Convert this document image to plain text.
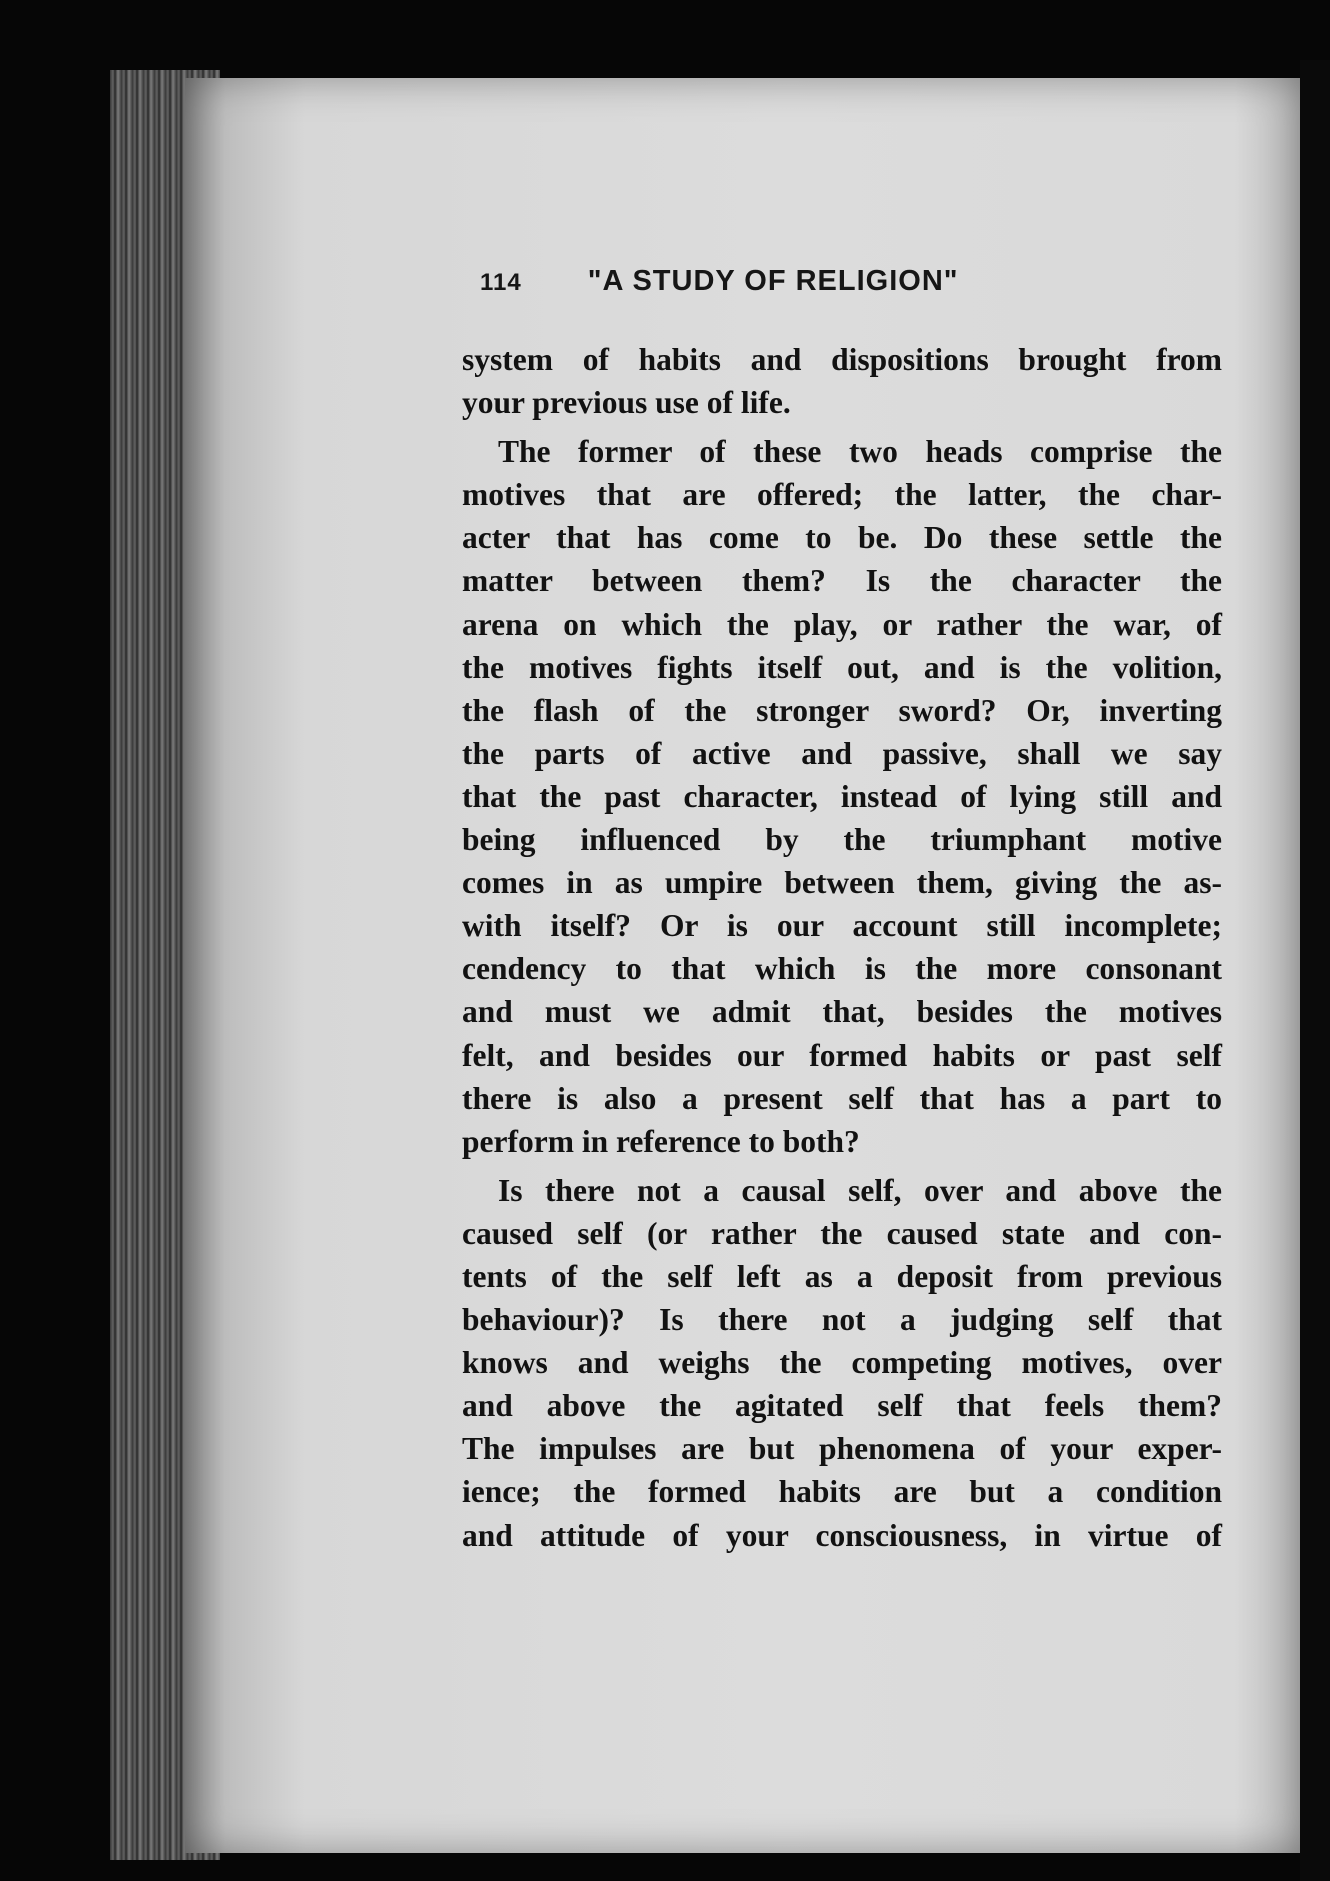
114 "A STUDY OF RELIGION"
system of habits and dispositions brought from
your previous use of life.
The former of these two heads comprise the
motives that are offered; the latter, the char-
acter that has come to be. Do these settle the
matter between them? Is the character the
arena on which the play, or rather the war, of
the motives fights itself out, and is the volition,
the flash of the stronger sword? Or, inverting
the parts of active and passive, shall we say
that the past character, instead of lying still and
being influenced by the triumphant motive
comes in as umpire between them, giving the as-
with itself? Or is our account still incomplete;
cendency to that which is the more consonant
and must we admit that, besides the motives
felt, and besides our formed habits or past self
there is also a present self that has a part to
perform in reference to both?
Is there not a causal self, over and above the
caused self (or rather the caused state and con-
tents of the self left as a deposit from previous
behaviour)? Is there not a judging self that
knows and weighs the competing motives, over
and above the agitated self that feels them?
The impulses are but phenomena of your exper-
ience; the formed habits are but a condition
and attitude of your consciousness, in virtue of
